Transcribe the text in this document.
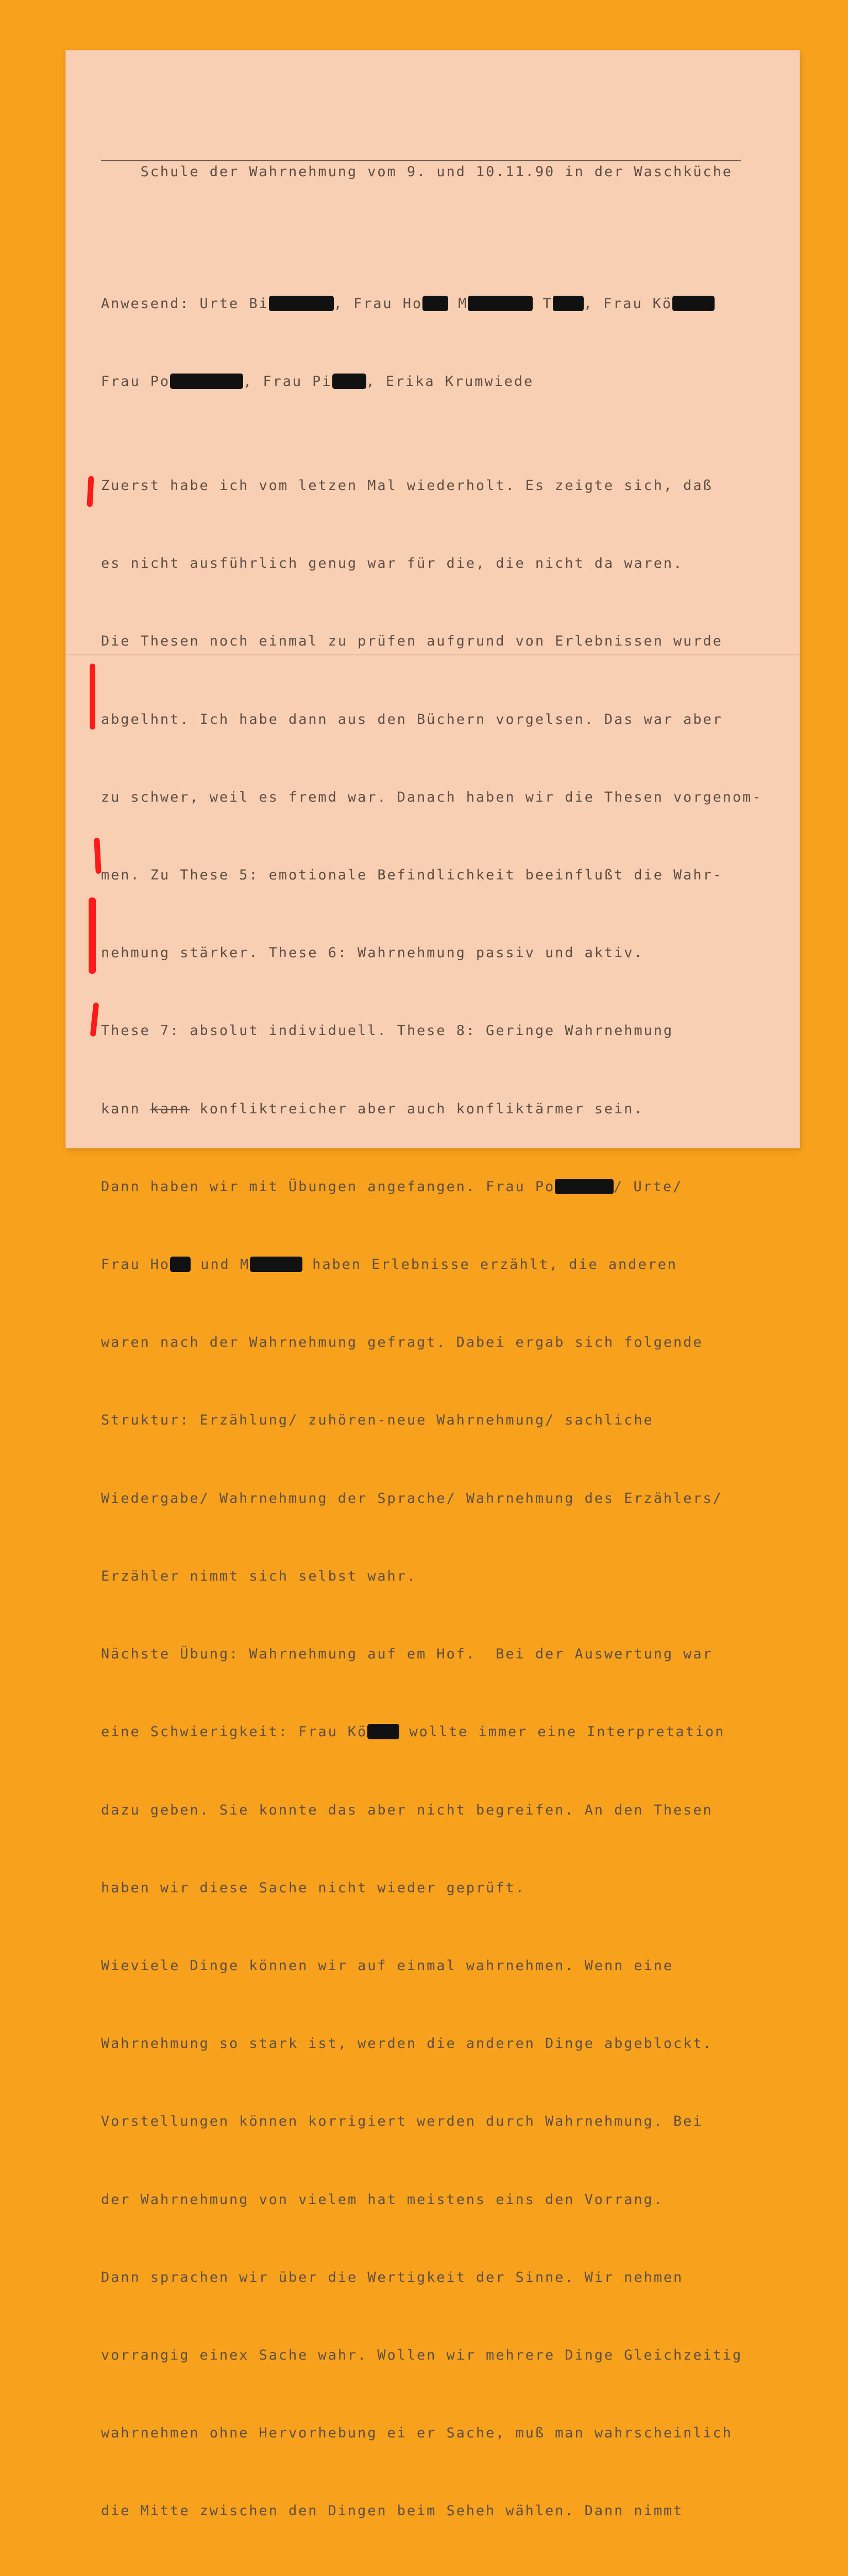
Schule der Wahrnehmung vom 9. und 10.11.90 in der Waschküche

Anwesend: Urte Bi	, Frau Ho M	T , Frau Kö

Frau Po	, Frau Pi , Erika Krumwiede

Zuerst habe ich vom letzen Mal wiederholt. Es zeigte sich, daß

es nicht ausführlich genug war für die, die nicht da waren.

Die Thesen noch einmal zu prüfen aufgrund von Erlebnissen wurde

abgelhnt. Ich habe dann aus den Büchern vorgelsen. Das war aber

zu schwer, weil es fremd war. Danach haben wir die Thesen vorgenom-

men. Zu These 5: emotionale Befindlichkeit beeinflußt die Wahr-

nehmung stärker. These 6: Wahrnehmung passiv und aktiv.

These 7: absolut individuell. These 8: Geringe Wahrnehmung

kann kann konfliktreicher aber auch konfliktärmer sein.

Dann haben wir mit Übungen angefangen. Frau Po	/ Urte/

Frau Ho und M	haben Erlebnisse erzählt, die anderen

waren nach der Wahrnehmung gefragt. Dabei ergab sich folgende

Struktur: Erzählung/ zuhören-neue Wahrnehmung/ sachliche

Wiedergabe/ Wahrnehmung der Sprache/ Wahrnehmung des Erzählers/

Erzähler nimmt sich selbst wahr.

Nächste Übung: Wahrnehmung auf em Hof.  Bei der Auswertung war

eine Schwierigkeit: Frau Kö wollte immer eine Interpretation

dazu geben. Sie konnte das aber nicht begreifen. An den Thesen

haben wir diese Sache nicht wieder geprüft.

Wieviele Dinge können wir auf einmal wahrnehmen. Wenn eine

Wahrnehmung so stark ist, werden die anderen Dinge abgeblockt.

Vorstellungen können korrigiert werden durch Wahrnehmung. Bei

der Wahrnehmung von vielem hat meistens eins den Vorrang.

Dann sprachen wir über die Wertigkeit der Sinne. Wir nehmen

vorrangig einex Sache wahr. Wollen wir mehrere Dinge Gleichzeitig

wahrnehmen ohne Hervorhebung ei er Sache, muß man wahrscheinlich

die Mitte zwischen den Dingen beim Seheh wählen. Dann nimmt
